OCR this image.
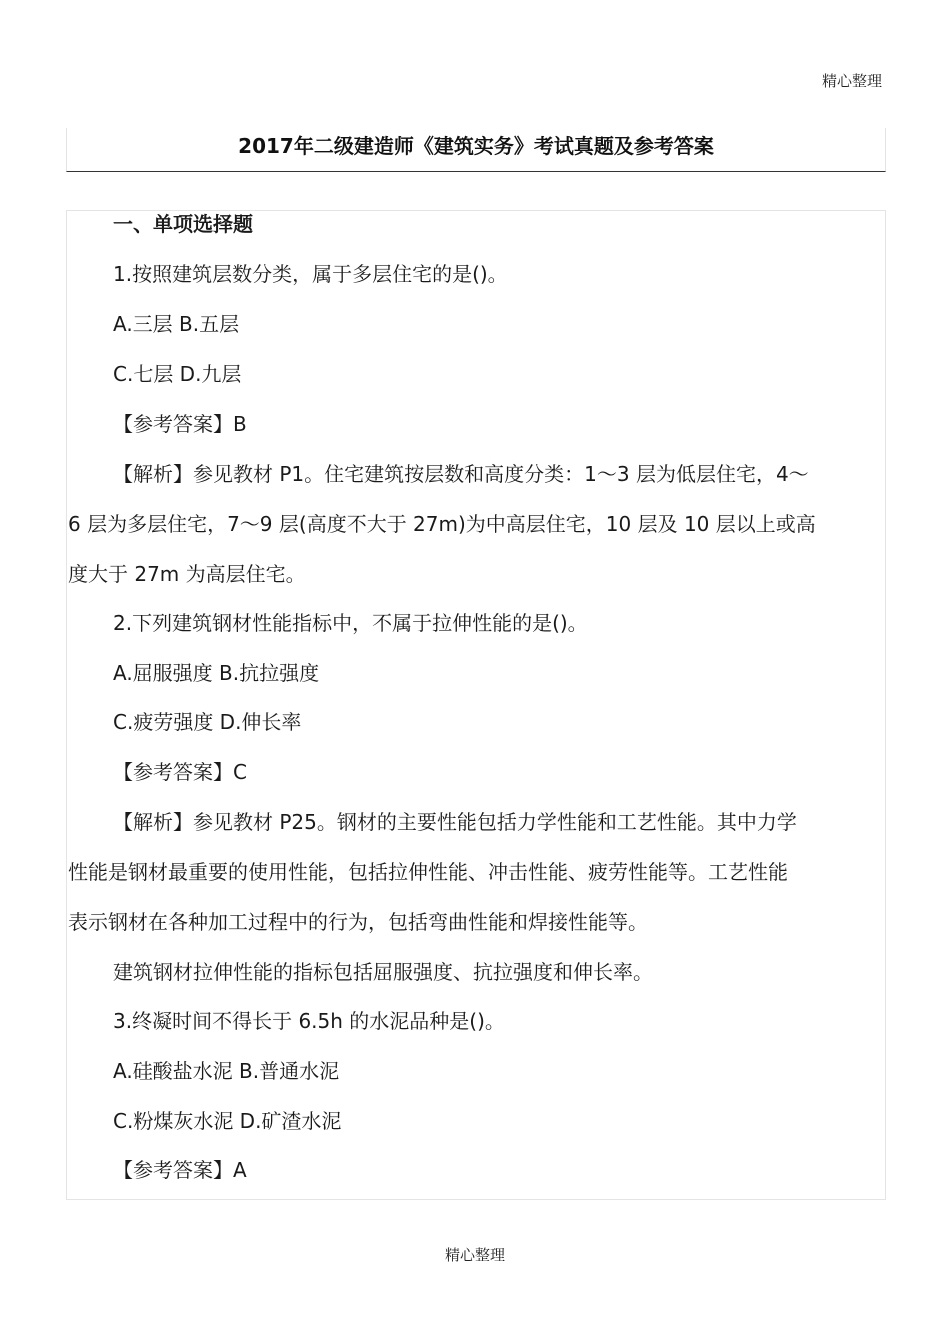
精心整理
2017年二级建造师《建筑实务》考试真题及参考答案
一、单项选择题
1.按照建筑层数分类，属于多层住宅的是()。
A.三层 B.五层
C.七层 D.九层
【参考答案】B
【解析】参见教材 P1。住宅建筑按层数和高度分类：1～3 层为低层住宅，4～
6 层为多层住宅，7～9 层(高度不大于 27m)为中高层住宅，10 层及 10 层以上或高
度大于 27m 为高层住宅。
2.下列建筑钢材性能指标中，不属于拉伸性能的是()。
A.屈服强度 B.抗拉强度
C.疲劳强度 D.伸长率
【参考答案】C
【解析】参见教材 P25。钢材的主要性能包括力学性能和工艺性能。其中力学
性能是钢材最重要的使用性能，包括拉伸性能、冲击性能、疲劳性能等。工艺性能
表示钢材在各种加工过程中的行为，包括弯曲性能和焊接性能等。
建筑钢材拉伸性能的指标包括屈服强度、抗拉强度和伸长率。
3.终凝时间不得长于 6.5h 的水泥品种是()。
A.硅酸盐水泥 B.普通水泥
C.粉煤灰水泥 D.矿渣水泥
【参考答案】A
精心整理
